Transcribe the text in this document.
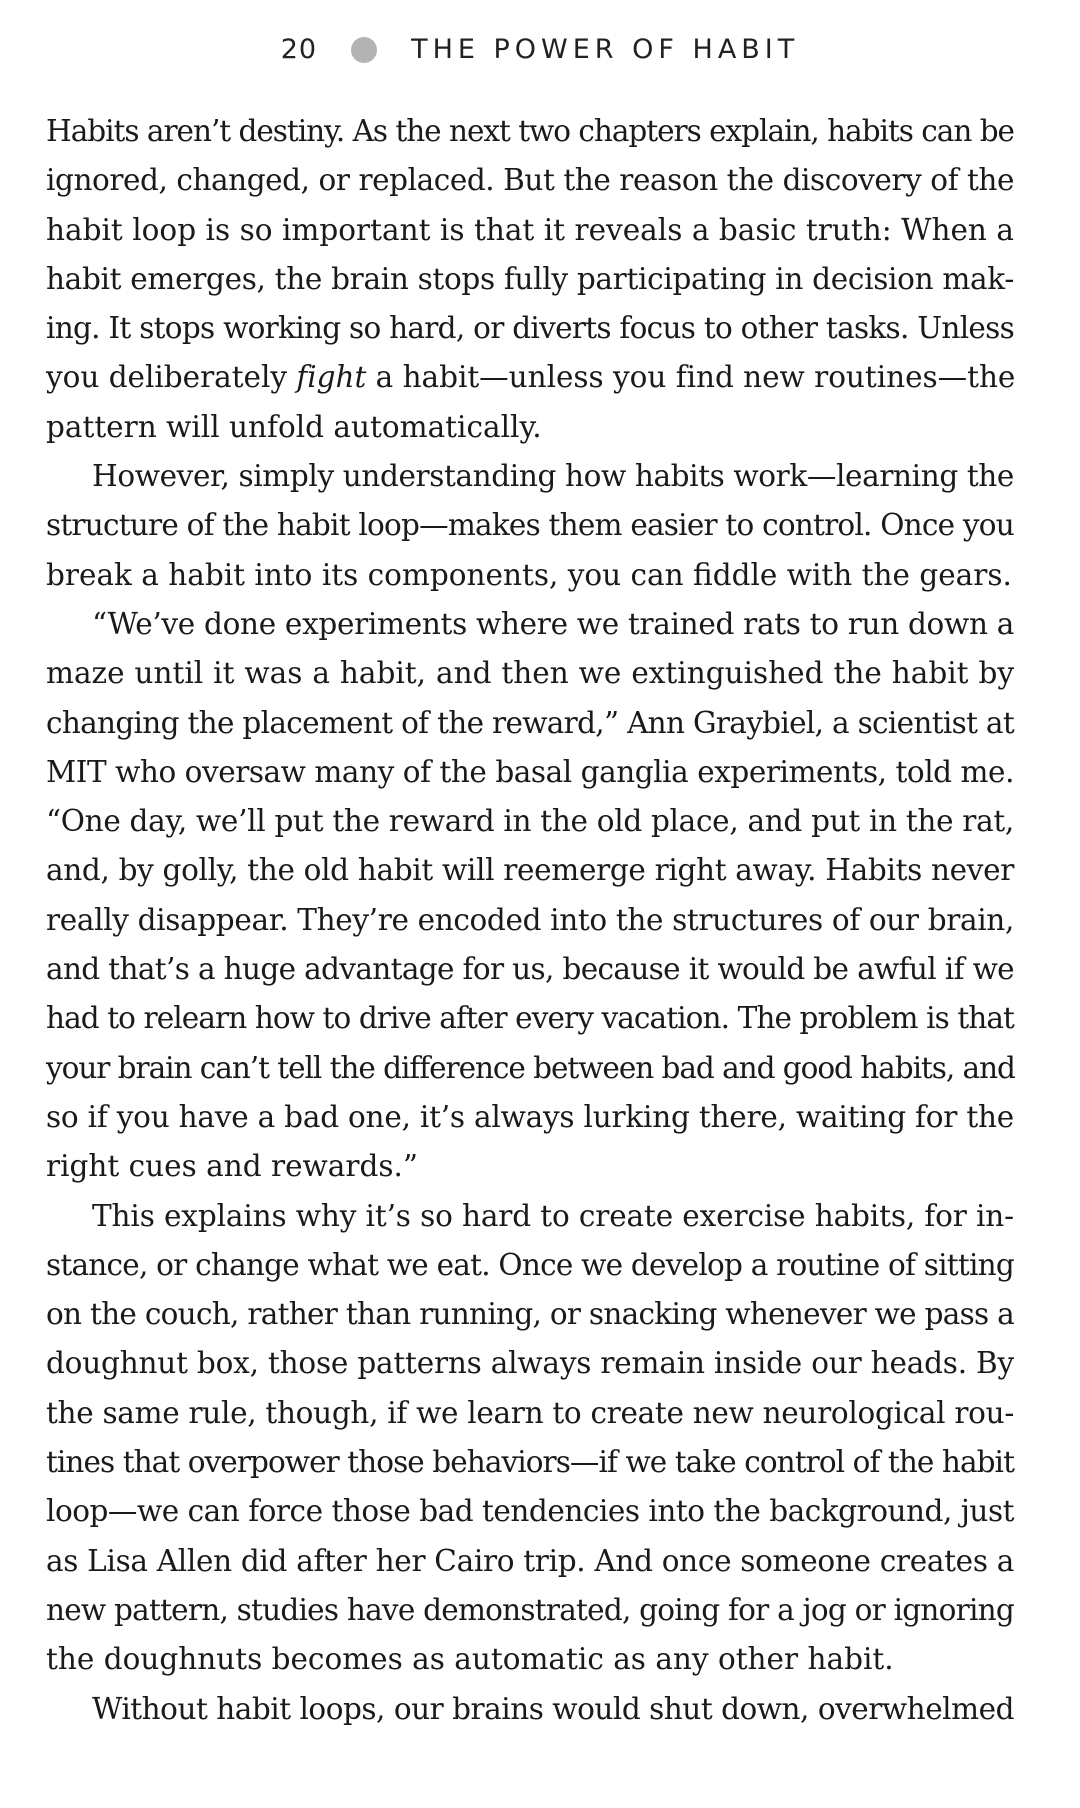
20	THE POWER OF HABIT
Habits aren’t destiny. As the next two chapters explain, habits can be
ignored, changed, or replaced. But the reason the discovery of the
habit loop is so important is that it reveals a basic truth: When a
habit emerges, the brain stops fully participating in decision mak-
ing. It stops working so hard, or diverts focus to other tasks. Unless
you deliberately fight a habit—unless you find new routines—the
pattern will unfold automatically.
However, simply understanding how habits work—learning the
structure of the habit loop—makes them easier to control. Once you
break a habit into its components, you can fiddle with the gears.
“We’ve done experiments where we trained rats to run down a
maze until it was a habit, and then we extinguished the habit by
changing the placement of the reward,” Ann Graybiel, a scientist at
MIT who oversaw many of the basal ganglia experiments, told me.
“One day, we’ll put the reward in the old place, and put in the rat,
and, by golly, the old habit will reemerge right away. Habits never
really disappear. They’re encoded into the structures of our brain,
and that’s a huge advantage for us, because it would be awful if we
had to relearn how to drive after every vacation. The problem is that
your brain can’t tell the difference between bad and good habits, and
so if you have a bad one, it’s always lurking there, waiting for the
right cues and rewards.”
This explains why it’s so hard to create exercise habits, for in-
stance, or change what we eat. Once we develop a routine of sitting
on the couch, rather than running, or snacking whenever we pass a
doughnut box, those patterns always remain inside our heads. By
the same rule, though, if we learn to create new neurological rou-
tines that overpower those behaviors—if we take control of the habit
loop—we can force those bad tendencies into the background, just
as Lisa Allen did after her Cairo trip. And once someone creates a
new pattern, studies have demonstrated, going for a jog or ignoring
the doughnuts becomes as automatic as any other habit.
Without habit loops, our brains would shut down, overwhelmed
